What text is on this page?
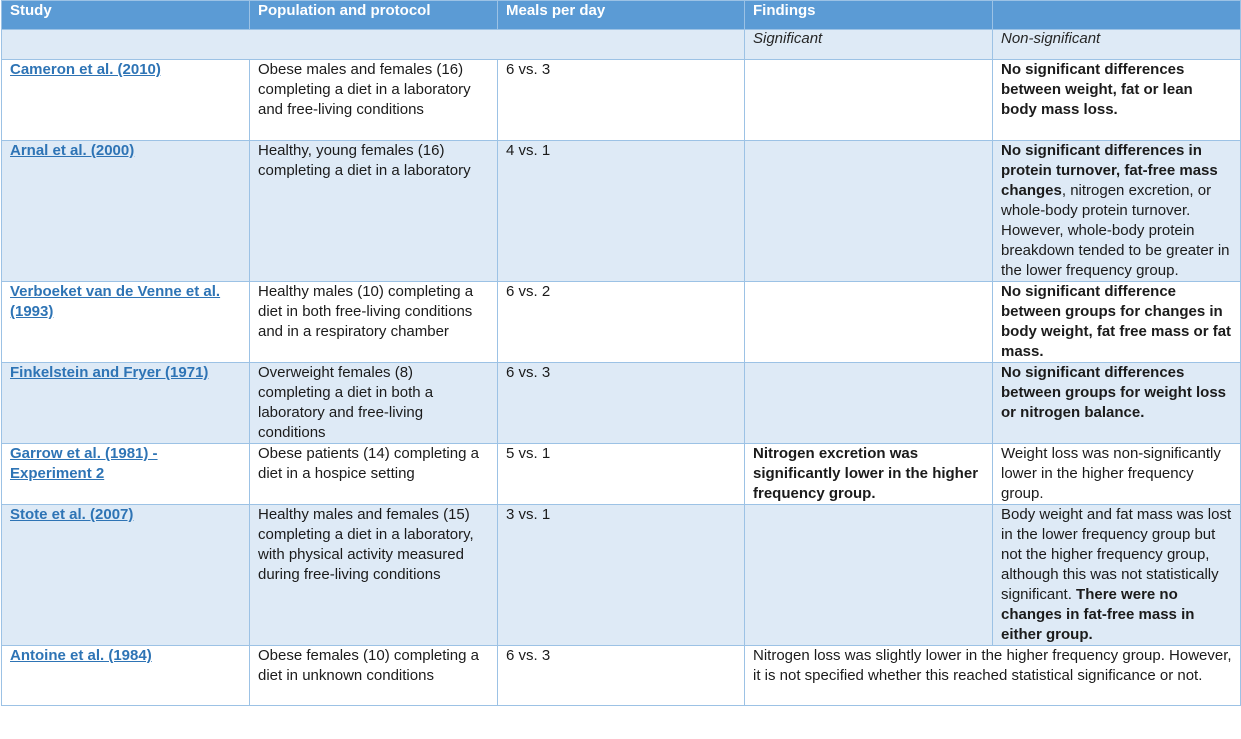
Study	Population and protocol	Meals per day	Findings	
			Significant	Non-significant
Cameron et al. (2010)	Obese males and females (16) completing a diet in a laboratory and free-living conditions	6 vs. 3		No significant differences between weight, fat or lean body mass loss.
Arnal et al. (2000)	Healthy, young females (16) completing a diet in a laboratory	4 vs. 1		No significant differences in protein turnover, fat-free mass changes, nitrogen excretion, or whole-body protein turnover. However, whole-body protein breakdown tended to be greater in the lower frequency group.
Verboeket van de Venne et al. (1993)	Healthy males (10) completing a diet in both free-living conditions and in a respiratory chamber	6 vs. 2		No significant difference between groups for changes in body weight, fat free mass or fat mass.
Finkelstein and Fryer (1971)	Overweight females (8) completing a diet in both a laboratory and free-living conditions	6 vs. 3		No significant differences between groups for weight loss or nitrogen balance.
Garrow et al. (1981) - Experiment 2	Obese patients (14) completing a diet in a hospice setting	5 vs. 1	Nitrogen excretion was significantly lower in the higher frequency group.	Weight loss was non-significantly lower in the higher frequency group.
Stote et al. (2007)	Healthy males and females (15) completing a diet in a laboratory, with physical activity measured during free-living conditions	3 vs. 1		Body weight and fat mass was lost in the lower frequency group but not the higher frequency group, although this was not statistically significant. There were no changes in fat-free mass in either group.
Antoine et al. (1984)	Obese females (10) completing a diet in unknown conditions	6 vs. 3	Nitrogen loss was slightly lower in the higher frequency group. However, it is not specified whether this reached statistical significance or not.	
